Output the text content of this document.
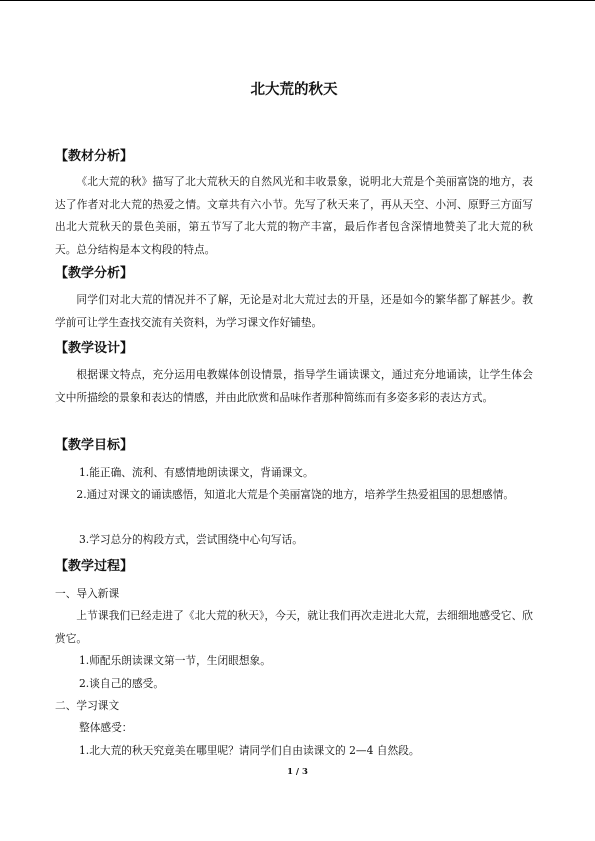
北大荒的秋天
【教材分析】
《北大荒的秋》描写了北大荒秋天的自然风光和丰收景象，说明北大荒是个美丽富饶的地方，表达了作者对北大荒的热爱之情。文章共有六小节。先写了秋天来了，再从天空、小河、原野三方面写出北大荒秋天的景色美丽，第五节写了北大荒的物产丰富，最后作者包含深情地赞美了北大荒的秋天。总分结构是本文构段的特点。
【教学分析】
同学们对北大荒的情况并不了解，无论是对北大荒过去的开垦，还是如今的繁华都了解甚少。教学前可让学生查找交流有关资料，为学习课文作好铺垫。
【教学设计】
根据课文特点，充分运用电教媒体创设情景，指导学生诵读课文，通过充分地诵读，让学生体会文中所描绘的景象和表达的情感，并由此欣赏和品味作者那种简练而有多姿多彩的表达方式。
【教学目标】
1.能正确、流利、有感情地朗读课文，背诵课文。
2.通过对课文的诵读感悟，知道北大荒是个美丽富饶的地方，培养学生热爱祖国的思想感情。
3.学习总分的构段方式，尝试围绕中心句写话。
【教学过程】
一、导入新课
上节课我们已经走进了《北大荒的秋天》，今天，就让我们再次走进北大荒，去细细地感受它、欣赏它。
1.师配乐朗读课文第一节，生闭眼想象。
2.谈自己的感受。
二、学习课文
整体感受：
1.北大荒的秋天究竟美在哪里呢？请同学们自由读课文的 2—4 自然段。
1 / 3
